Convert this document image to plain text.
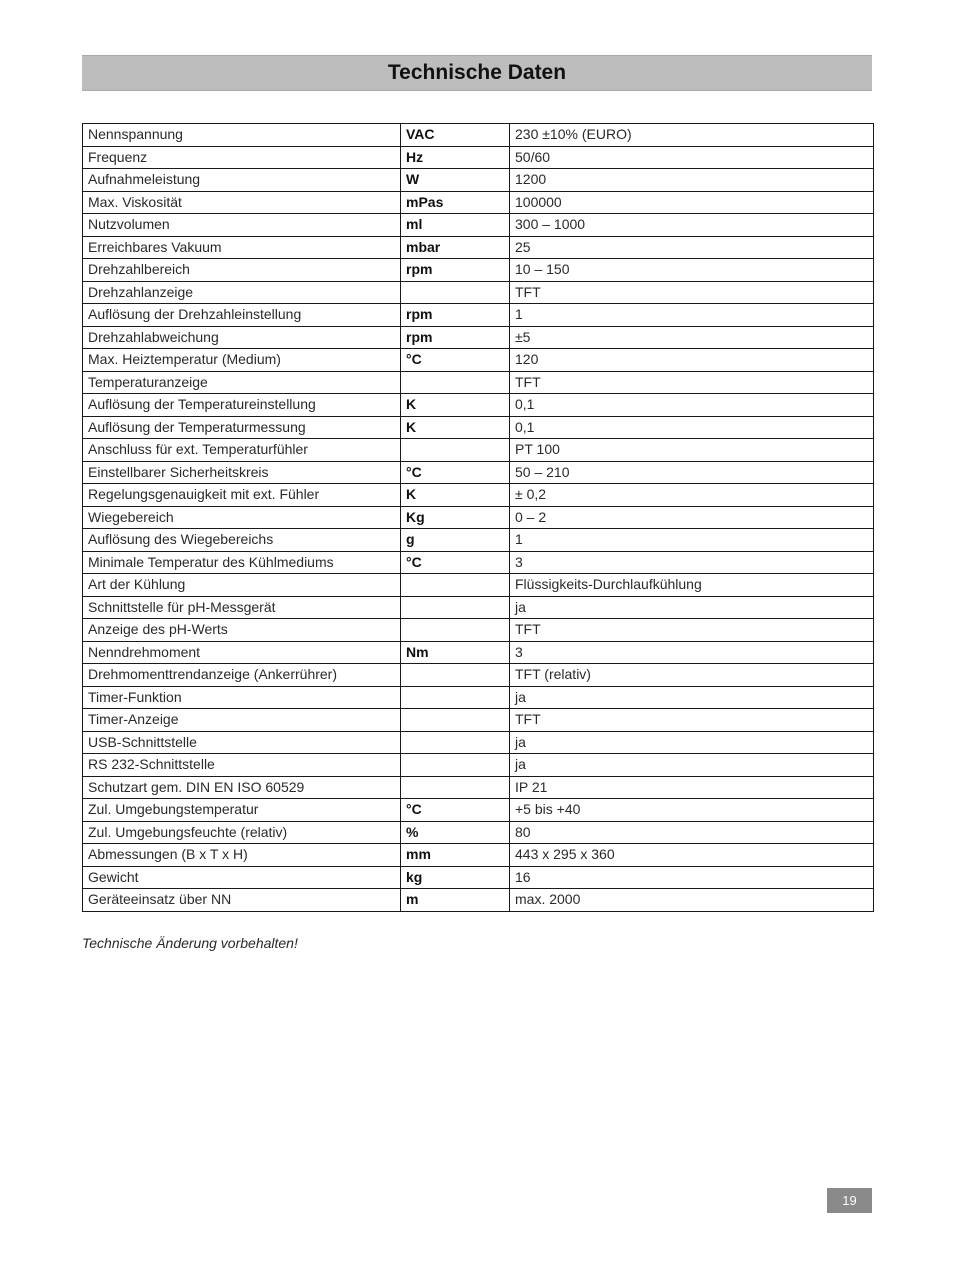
Technische Daten
Nennspannung	VAC	230 ±10% (EURO)
Frequenz	Hz	50/60
Aufnahmeleistung	W	1200
Max. Viskosität	mPas	100000
Nutzvolumen	ml	300 – 1000
Erreichbares Vakuum	mbar	25
Drehzahlbereich	rpm	10 – 150
Drehzahlanzeige		TFT
Auflösung der Drehzahleinstellung	rpm	1
Drehzahlabweichung	rpm	±5
Max. Heiztemperatur (Medium)	°C	120
Temperaturanzeige		TFT
Auflösung der Temperatureinstellung	K	0,1
Auflösung der Temperaturmessung	K	0,1
Anschluss für ext. Temperaturfühler		PT 100
Einstellbarer Sicherheitskreis	°C	50 – 210
Regelungsgenauigkeit mit ext. Fühler	K	± 0,2
Wiegebereich	Kg	0 – 2
Auflösung des Wiegebereichs	g	1
Minimale Temperatur des Kühlmediums	°C	3
Art der Kühlung		Flüssigkeits-Durchlaufkühlung
Schnittstelle für pH-Messgerät		ja
Anzeige des pH-Werts		TFT
Nenndrehmoment	Nm	3
Drehmomenttrendanzeige (Ankerrührer)		TFT (relativ)
Timer-Funktion		ja
Timer-Anzeige		TFT
USB-Schnittstelle		ja
RS 232-Schnittstelle		ja
Schutzart gem. DIN EN ISO 60529		IP 21
Zul. Umgebungstemperatur	°C	+5 bis +40
Zul. Umgebungsfeuchte (relativ)	%	80
Abmessungen (B x T x H)	mm	443 x 295 x 360
Gewicht	kg	16
Geräteeinsatz über NN	m	max. 2000
Technische Änderung vorbehalten!
19
